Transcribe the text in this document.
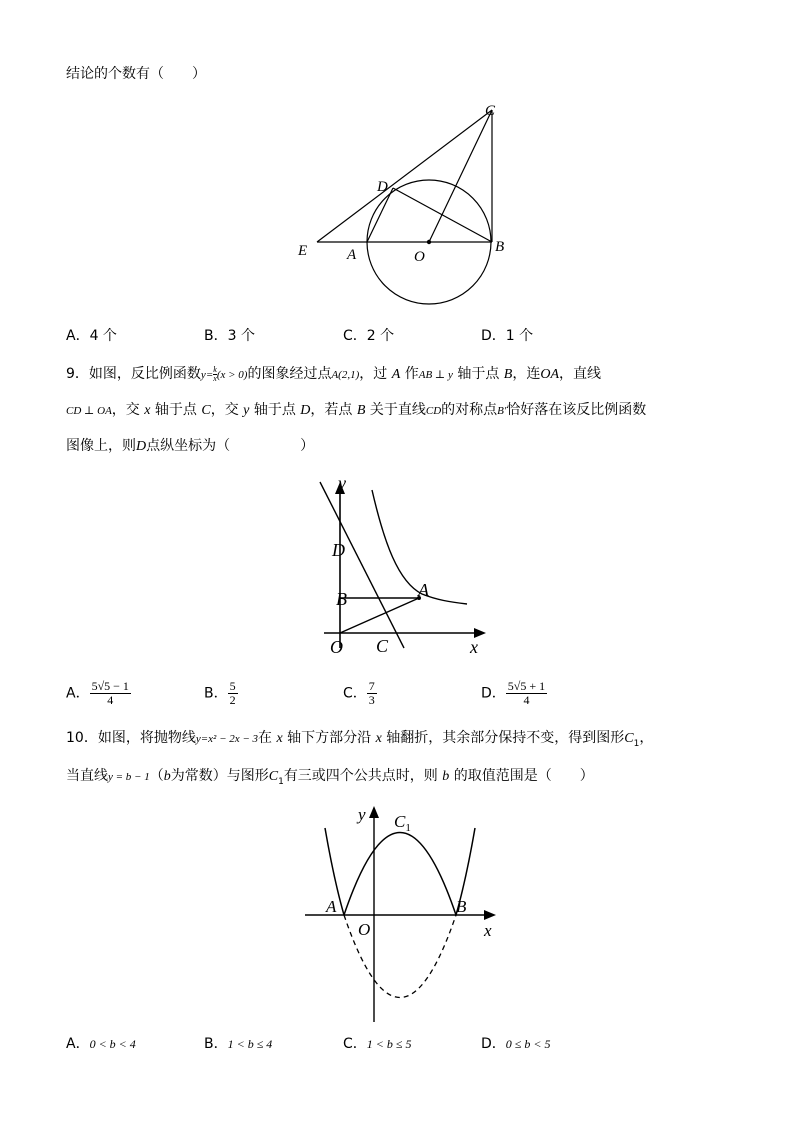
结论的个数有（　　）
E	A	O
B
C
D
A．4 个	B．3 个	C．2 个	D．1 个
9．如图，反比例函数$y= \frac{k}{x}(x > 0)$的图象经过点A(2,1)，过 A 作AB ⊥ y 轴于点 B，连OA，直线
CD ⊥ OA，交 x 轴于点 C，交 y 轴于点 D，若点 B 关于直线CD的对称点B′恰好落在该反比例函数
图像上，则D点纵坐标为（　　　　　）
y
D
B	A
O C	x
A． $\frac{5√5 - 1}{4}$	B． $\frac{5}{2}$	C． $\frac{7}{3}$	D． $\frac{5√5 + 1}{4}$
10．如图，将抛物线y=x² − 2x − 3在 x 轴下方部分沿 x 轴翻折，其余部分保持不变，得到图形$C_1$，
当直线y = b − 1（b为常数）与图形$C_1$有三或四个公共点时，则 b 的取值范围是（　　）
y $C_1$
A
O
B
x
A．0 < b < 4	B．1 < b ≤ 4	C．1 < b ≤ 5	D．0 ≤ b < 5
